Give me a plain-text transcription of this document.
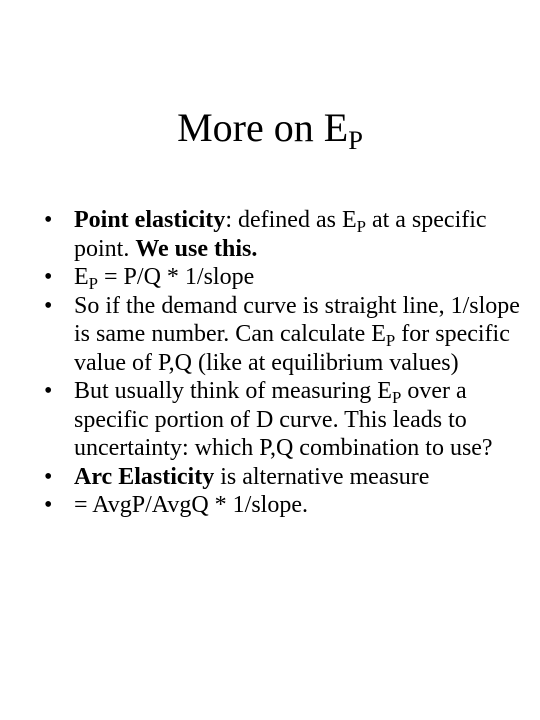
More on $E_P$
• Point elasticity: defined as $E_P$ at a specific point. We use this.
• $E_P = P/Q$ * 1/slope
• So if the demand curve is straight line, 1/slope is same number. Can calculate $E_P$ for specific value of P,Q (like at equilibrium values)
• But usually think of measuring $E_P$ over a specific portion of D curve. This leads to uncertainty: which P,Q combination to use?
• Arc Elasticity is alternative measure
• = AvgP/AvgQ * 1/slope.
